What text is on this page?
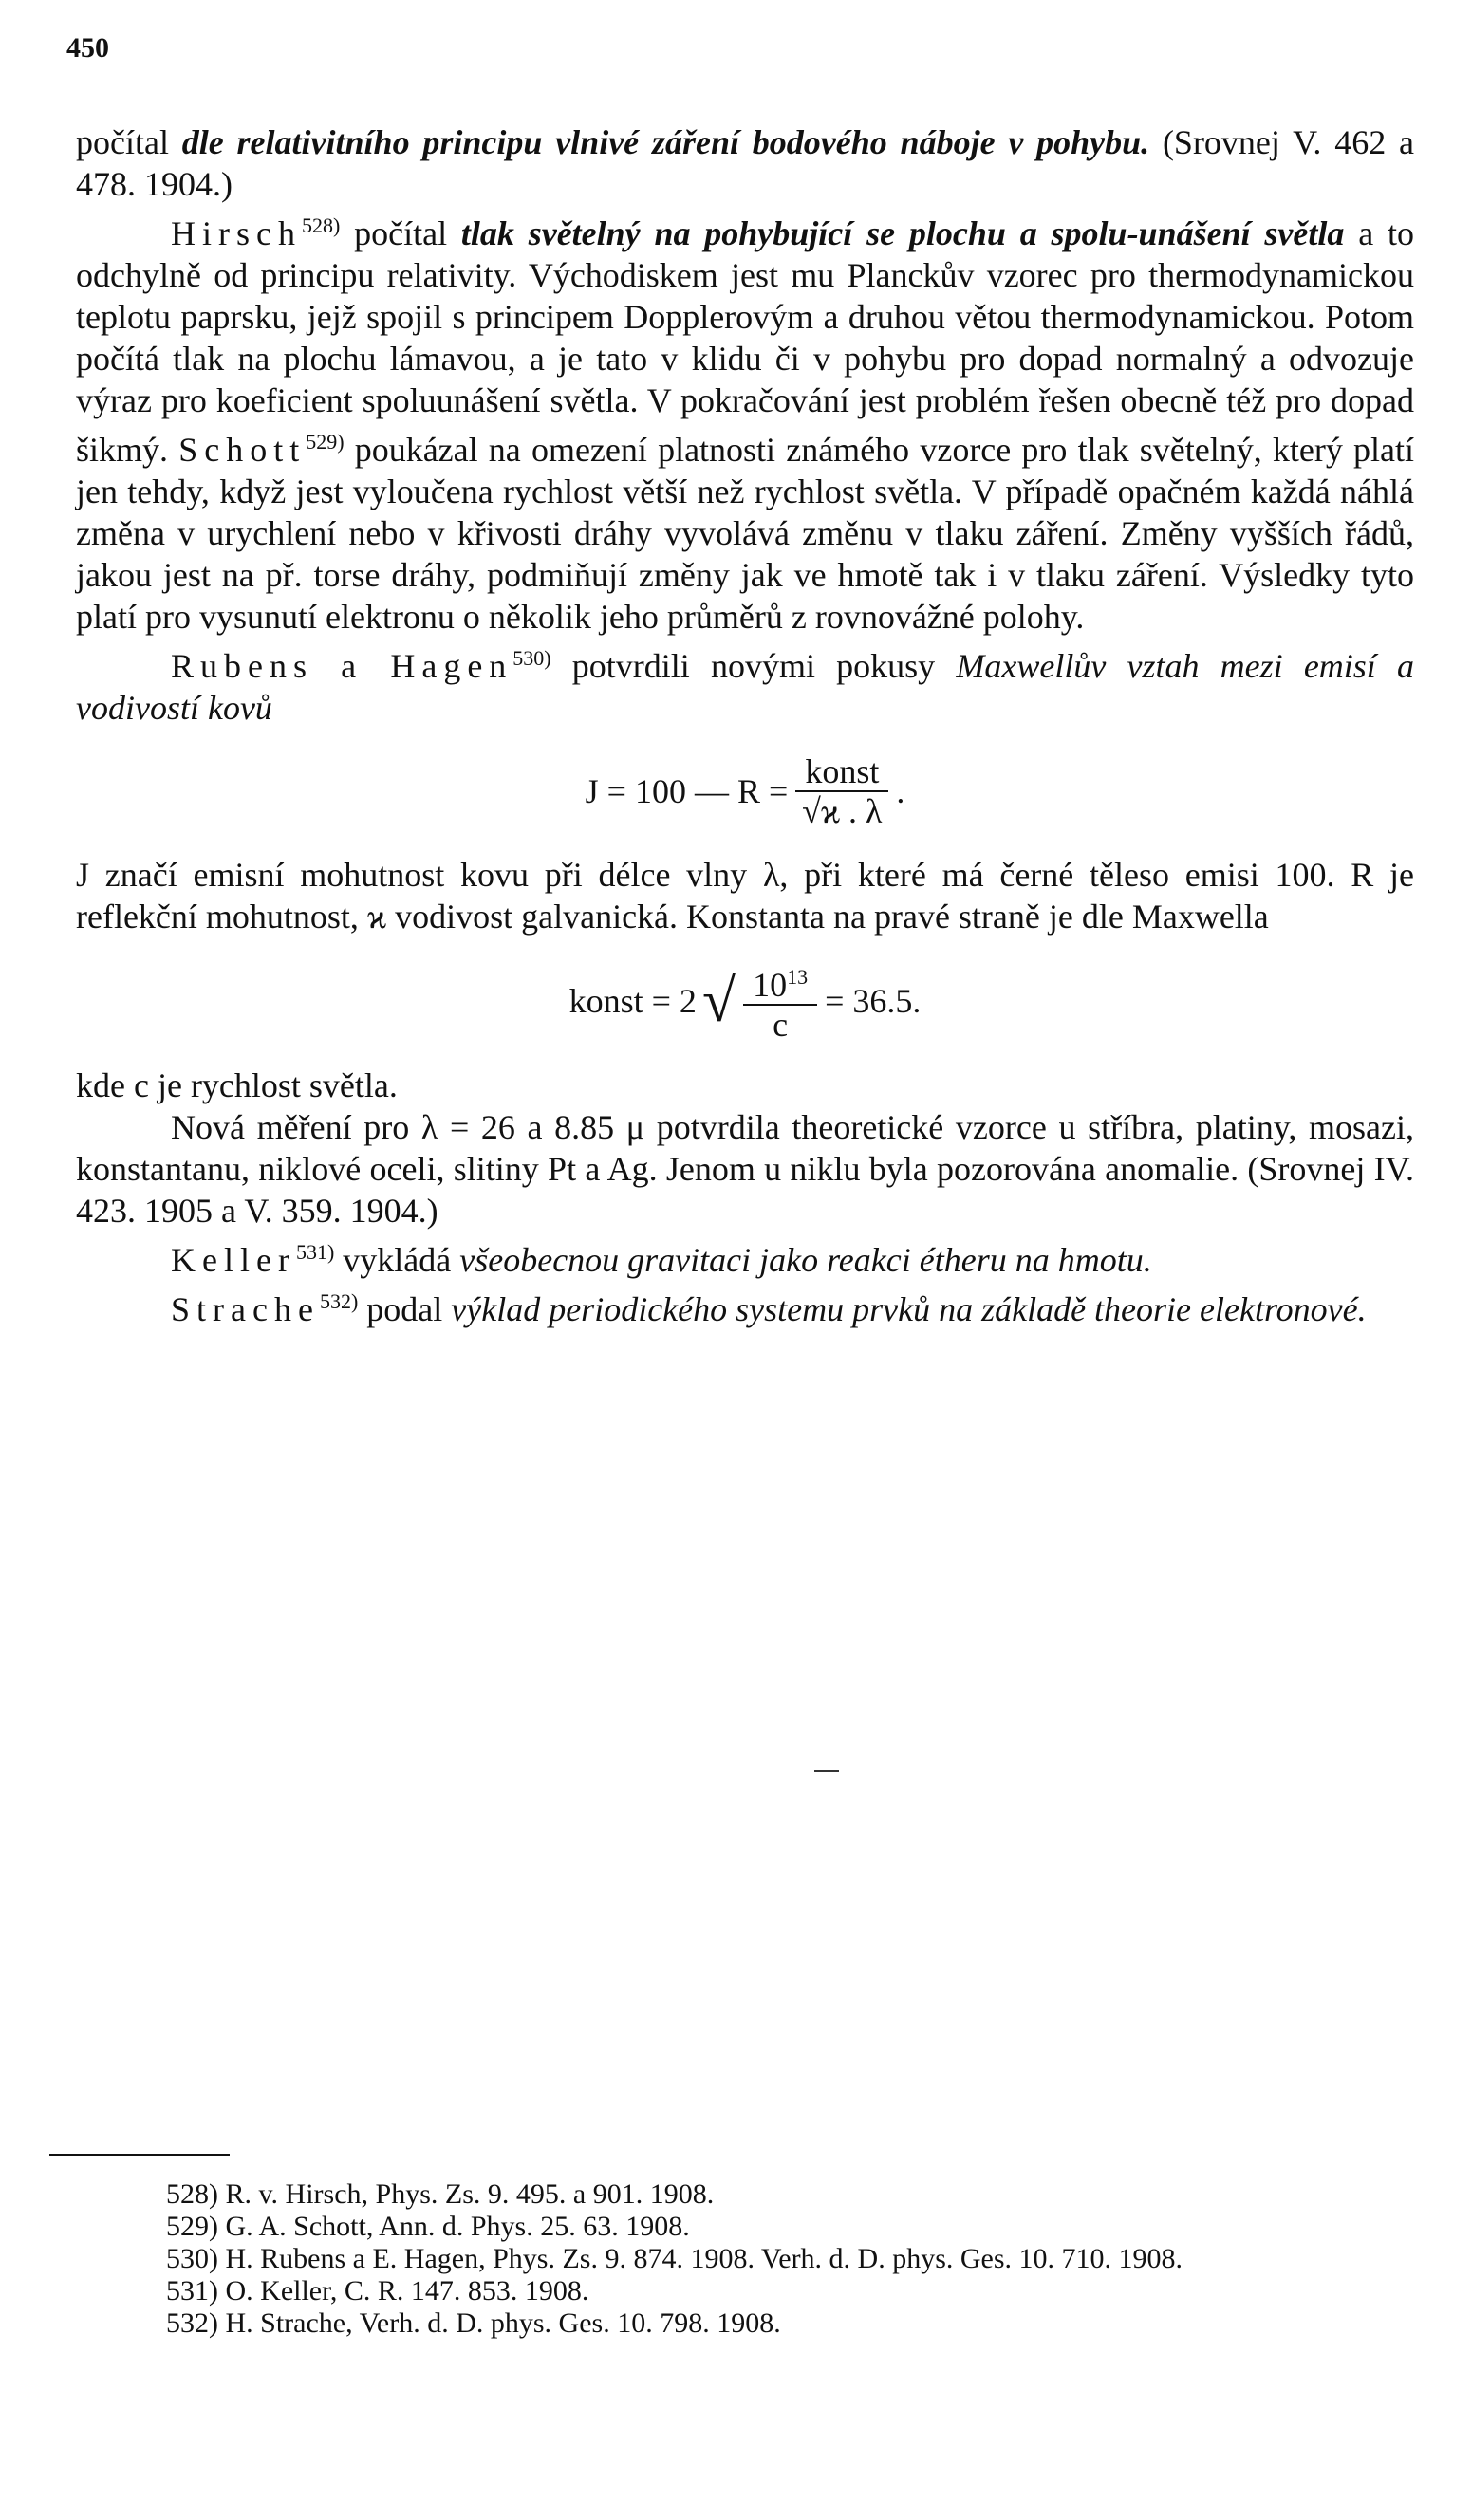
450

počítal dle relativitního principu vlnivé záření bodového náboje v pohybu. (Srovnej V. 462 a 478. 1904.)

Hirsch$^{528)}$ počítal tlak světelný na pohybující se plochu a spolu-unášení světla a to odchylně od principu relativity. Východiskem jest mu Planckův vzorec pro thermodynamickou teplotu paprsku, jejž spojil s principem Dopplerovým a druhou větou thermodynamickou. Potom počítá tlak na plochu lámavou, a je tato v klidu či v pohybu pro dopad normalný a odvozuje výraz pro koeficient spoluunášení světla. V pokračování jest problém řešen obecně též pro dopad šikmý. Schott$^{529)}$ poukázal na omezení platnosti známého vzorce pro tlak světelný, který platí jen tehdy, když jest vyloučena rychlost větší než rychlost světla. V případě opačném každá náhlá změna v urychlení nebo v křivosti dráhy vyvolává změnu v tlaku záření. Změny vyšších řádů, jakou jest na př. torse dráhy, podmiňují změny jak ve hmotě tak i v tlaku záření. Výsledky tyto platí pro vysunutí elektronu o několik jeho průměrů z rovnovážné polohy.

Rubens a Hagen$^{530)}$ potvrdili novými pokusy Maxwellův vztah mezi emisí a vodivostí kovů

J = 100 — $R = \frac{\text{konst}}{√ϰ . \lambda}$ .

J značí emisní mohutnost kovu při délce vlny λ, při které má černé těleso emisi 100. R je reflekční mohutnost, ϰ vodivost galvanická. Konstanta na pravé straně je dle Maxwella

konst = 2 √ $\frac{10^{13}}{c} = 36.5$.

kde c je rychlost světla.

Nová měření pro λ = 26 a 8.85 μ potvrdila theoretické vzorce u stříbra, platiny, mosazi, konstantanu, niklové oceli, slitiny Pt a Ag. Jenom u niklu byla pozorována anomalie. (Srovnej IV. 423. 1905 a V. 359. 1904.)

Keller$^{531)}$ vykládá všeobecnou gravitaci jako reakci étheru na hmotu.

Strache$^{532)}$ podal výklad periodického systemu prvků na základě theorie elektronové.

528) R. v. Hirsch, Phys. Zs. 9. 495. a 901. 1908.

529) G. A. Schott, Ann. d. Phys. 25. 63. 1908.

530) H. Rubens a E. Hagen, Phys. Zs. 9. 874. 1908. Verh. d. D. phys. Ges. 10. 710. 1908.

531) O. Keller, C. R. 147. 853. 1908.

532) H. Strache, Verh. d. D. phys. Ges. 10. 798. 1908.
